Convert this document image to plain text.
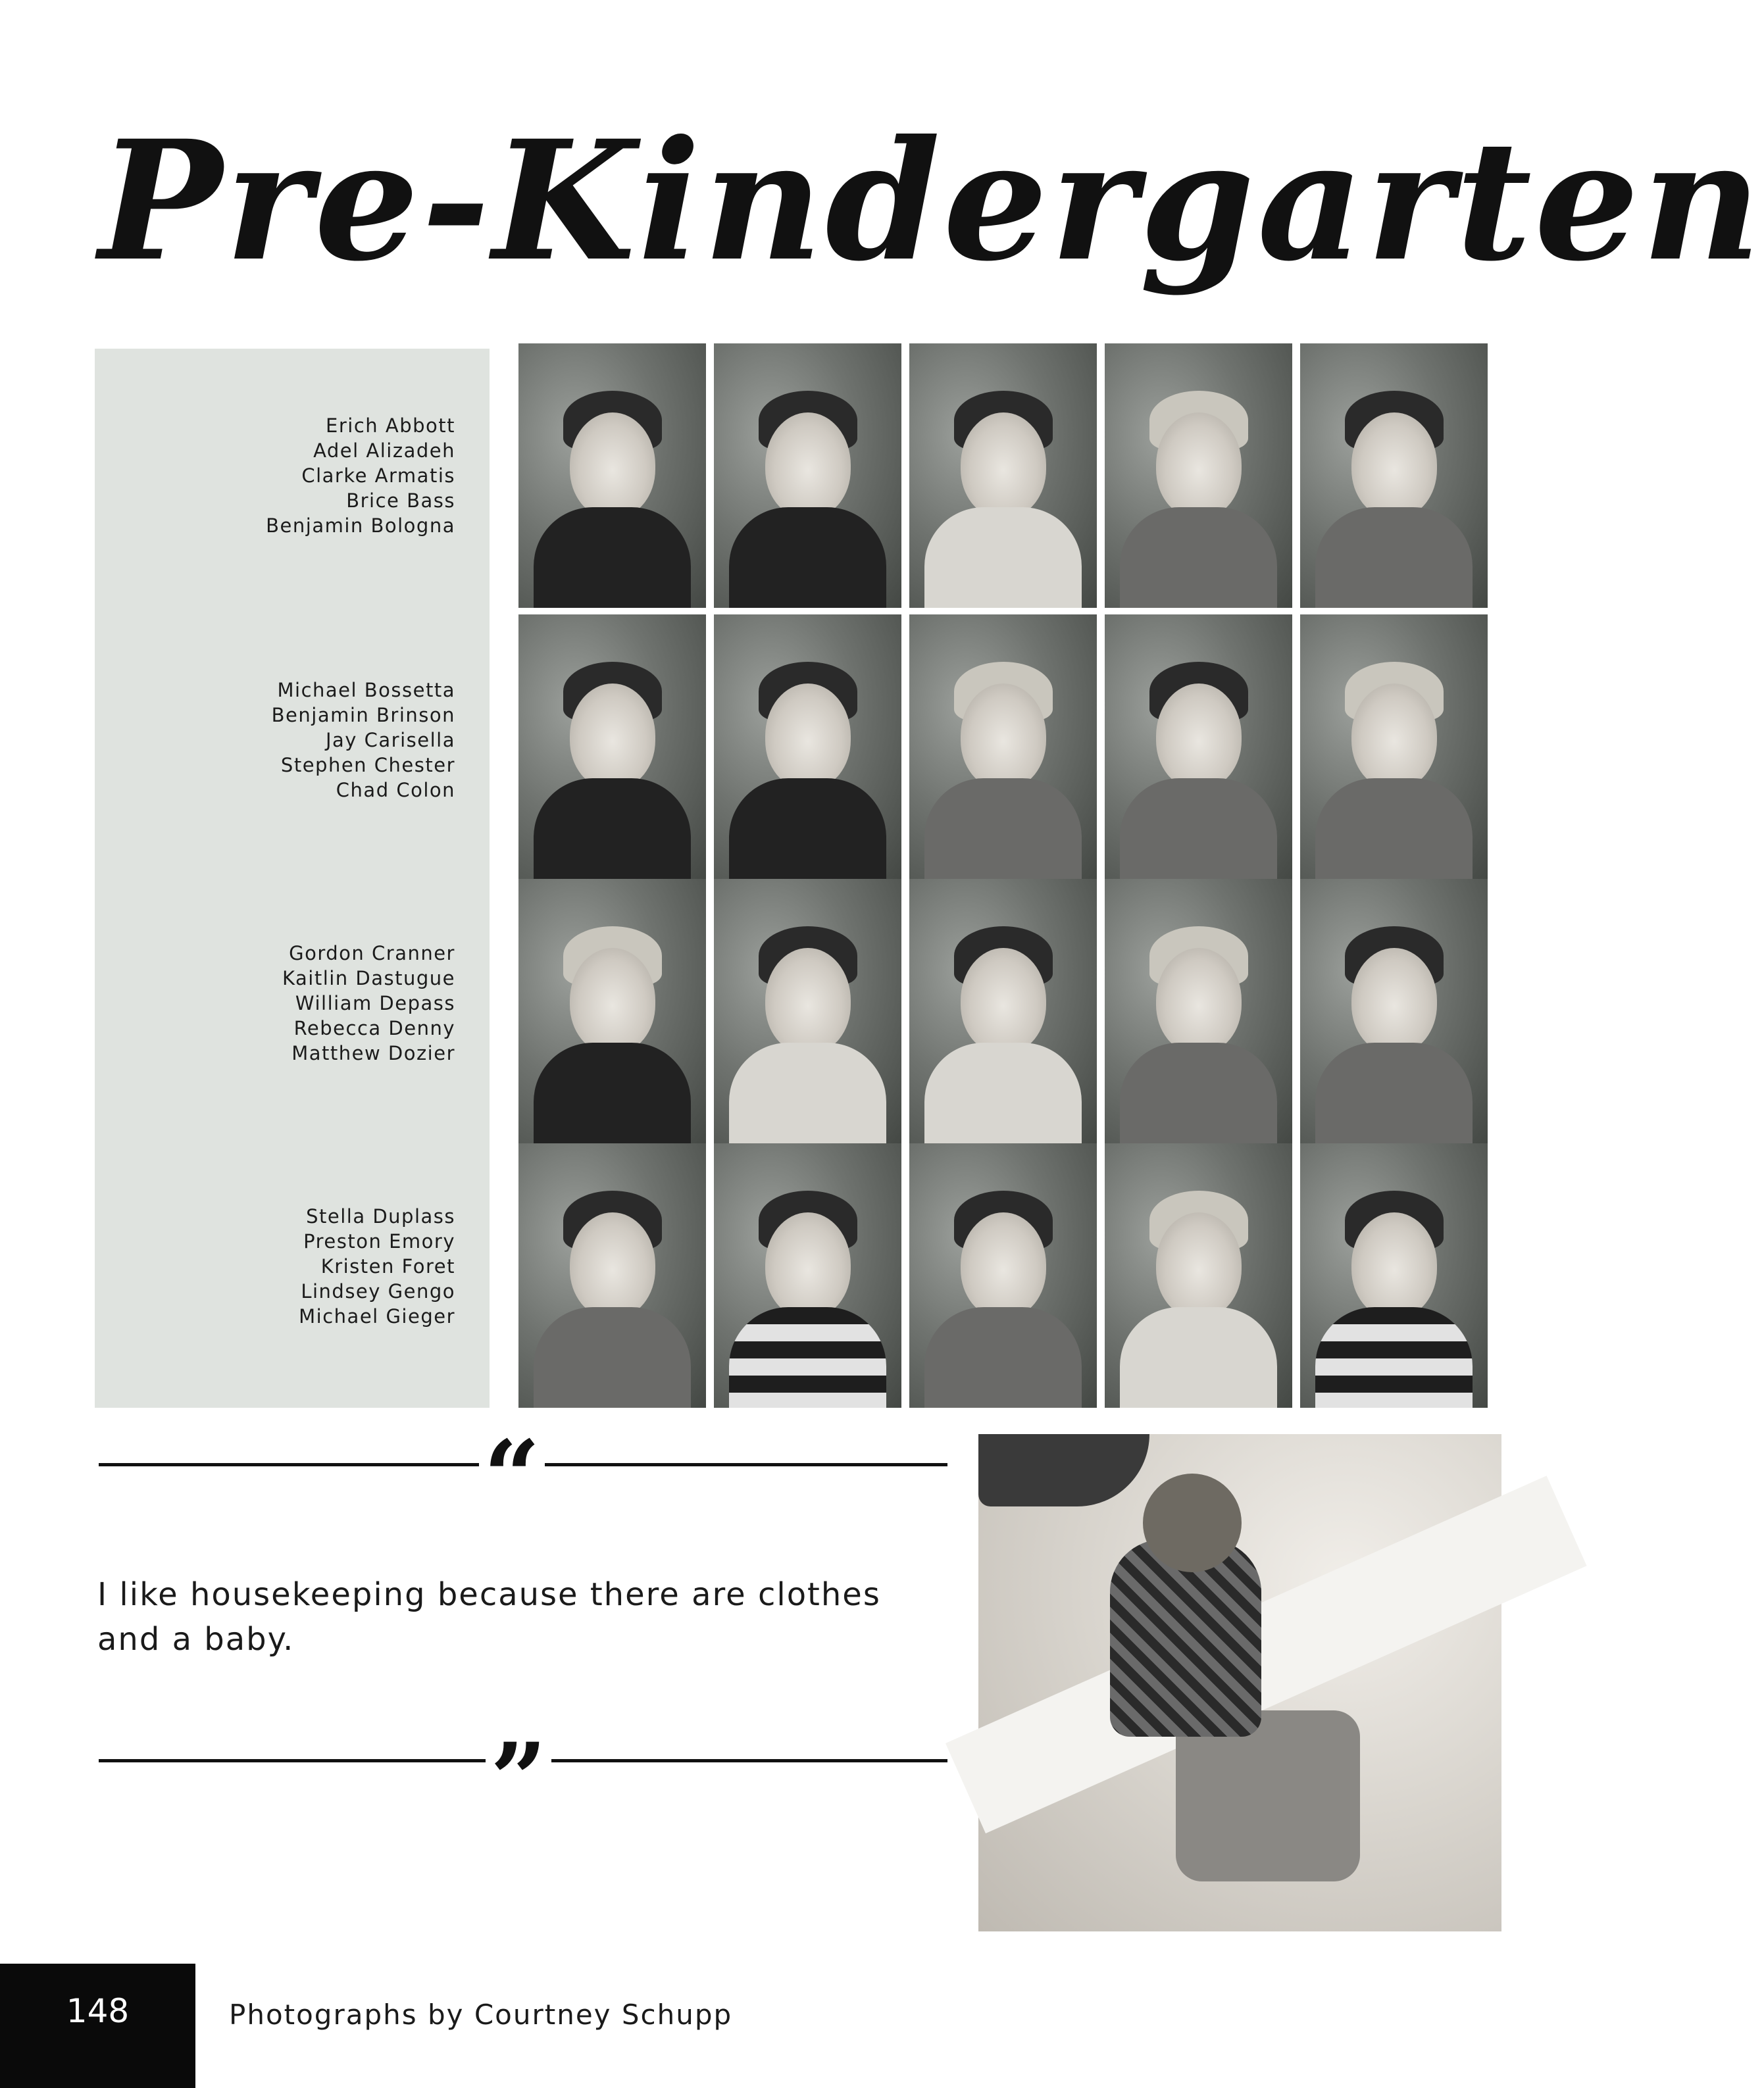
Pre-Kindergarten
Erich Abbott
Adel Alizadeh
Clarke Armatis
Brice Bass
Benjamin Bologna
Michael Bossetta
Benjamin Brinson
Jay Carisella
Stephen Chester
Chad Colon
Gordon Cranner
Kaitlin Dastugue
William Depass
Rebecca Denny
Matthew Dozier
Stella Duplass
Preston Emory
Kristen Foret
Lindsey Gengo
Michael Gieger
“
I like housekeeping because there are clothes and a baby.
”
148	Photographs by Courtney Schupp
